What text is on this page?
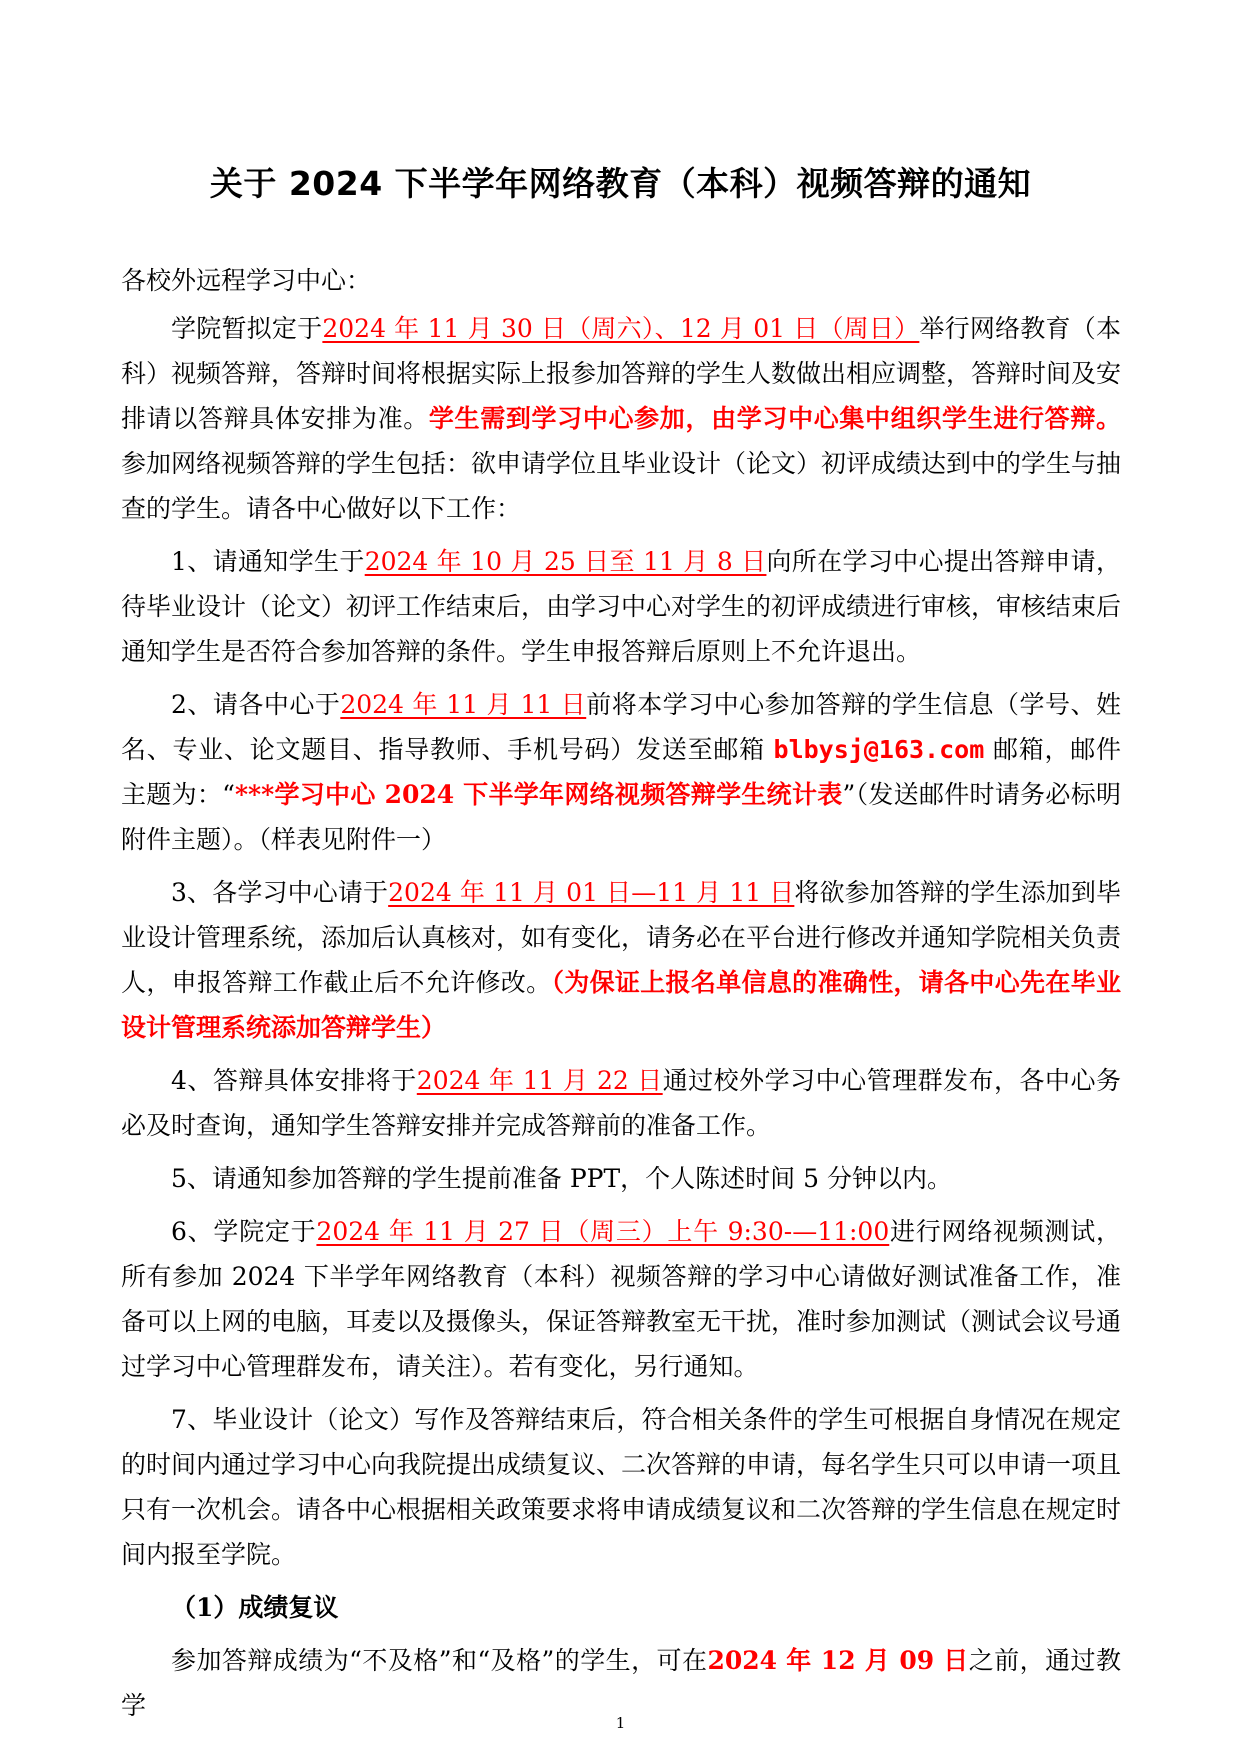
关于 2024 下半学年网络教育（本科）视频答辩的通知

各校外远程学习中心：

学院暂拟定于2024 年 11 月 30 日（周六）、12 月 01 日（周日）举行网络教育（本科）视频答辩，答辩时间将根据实际上报参加答辩的学生人数做出相应调整，答辩时间及安排请以答辩具体安排为准。学生需到学习中心参加，由学习中心集中组织学生进行答辩。参加网络视频答辩的学生包括：欲申请学位且毕业设计（论文）初评成绩达到中的学生与抽查的学生。请各中心做好以下工作：

1、请通知学生于2024 年 10 月 25 日至 11 月 8 日向所在学习中心提出答辩申请，待毕业设计（论文）初评工作结束后，由学习中心对学生的初评成绩进行审核，审核结束后通知学生是否符合参加答辩的条件。学生申报答辩后原则上不允许退出。

2、请各中心于2024 年 11 月 11 日前将本学习中心参加答辩的学生信息（学号、姓名、专业、论文题目、指导教师、手机号码）发送至邮箱 blbysj@163.com 邮箱，邮件主题为：“***学习中心 2024 下半学年网络视频答辩学生统计表”（发送邮件时请务必标明附件主题）。（样表见附件一）

3、各学习中心请于2024 年 11 月 01 日—11 月 11 日将欲参加答辩的学生添加到毕业设计管理系统，添加后认真核对，如有变化，请务必在平台进行修改并通知学院相关负责人，申报答辩工作截止后不允许修改。（为保证上报名单信息的准确性，请各中心先在毕业设计管理系统添加答辩学生）

4、答辩具体安排将于2024 年 11 月 22 日通过校外学习中心管理群发布，各中心务必及时查询，通知学生答辩安排并完成答辩前的准备工作。

5、请通知参加答辩的学生提前准备 PPT，个人陈述时间 5 分钟以内。

6、学院定于2024 年 11 月 27 日（周三）上午 9:30-—11:00进行网络视频测试，所有参加 2024 下半学年网络教育（本科）视频答辩的学习中心请做好测试准备工作，准备可以上网的电脑，耳麦以及摄像头，保证答辩教室无干扰，准时参加测试（测试会议号通过学习中心管理群发布，请关注）。若有变化，另行通知。

7、毕业设计（论文）写作及答辩结束后，符合相关条件的学生可根据自身情况在规定的时间内通过学习中心向我院提出成绩复议、二次答辩的申请，每名学生只可以申请一项且只有一次机会。请各中心根据相关政策要求将申请成绩复议和二次答辩的学生信息在规定时间内报至学院。

（1）成绩复议

参加答辩成绩为“不及格”和“及格”的学生，可在2024 年 12 月 09 日之前，通过教学

1
